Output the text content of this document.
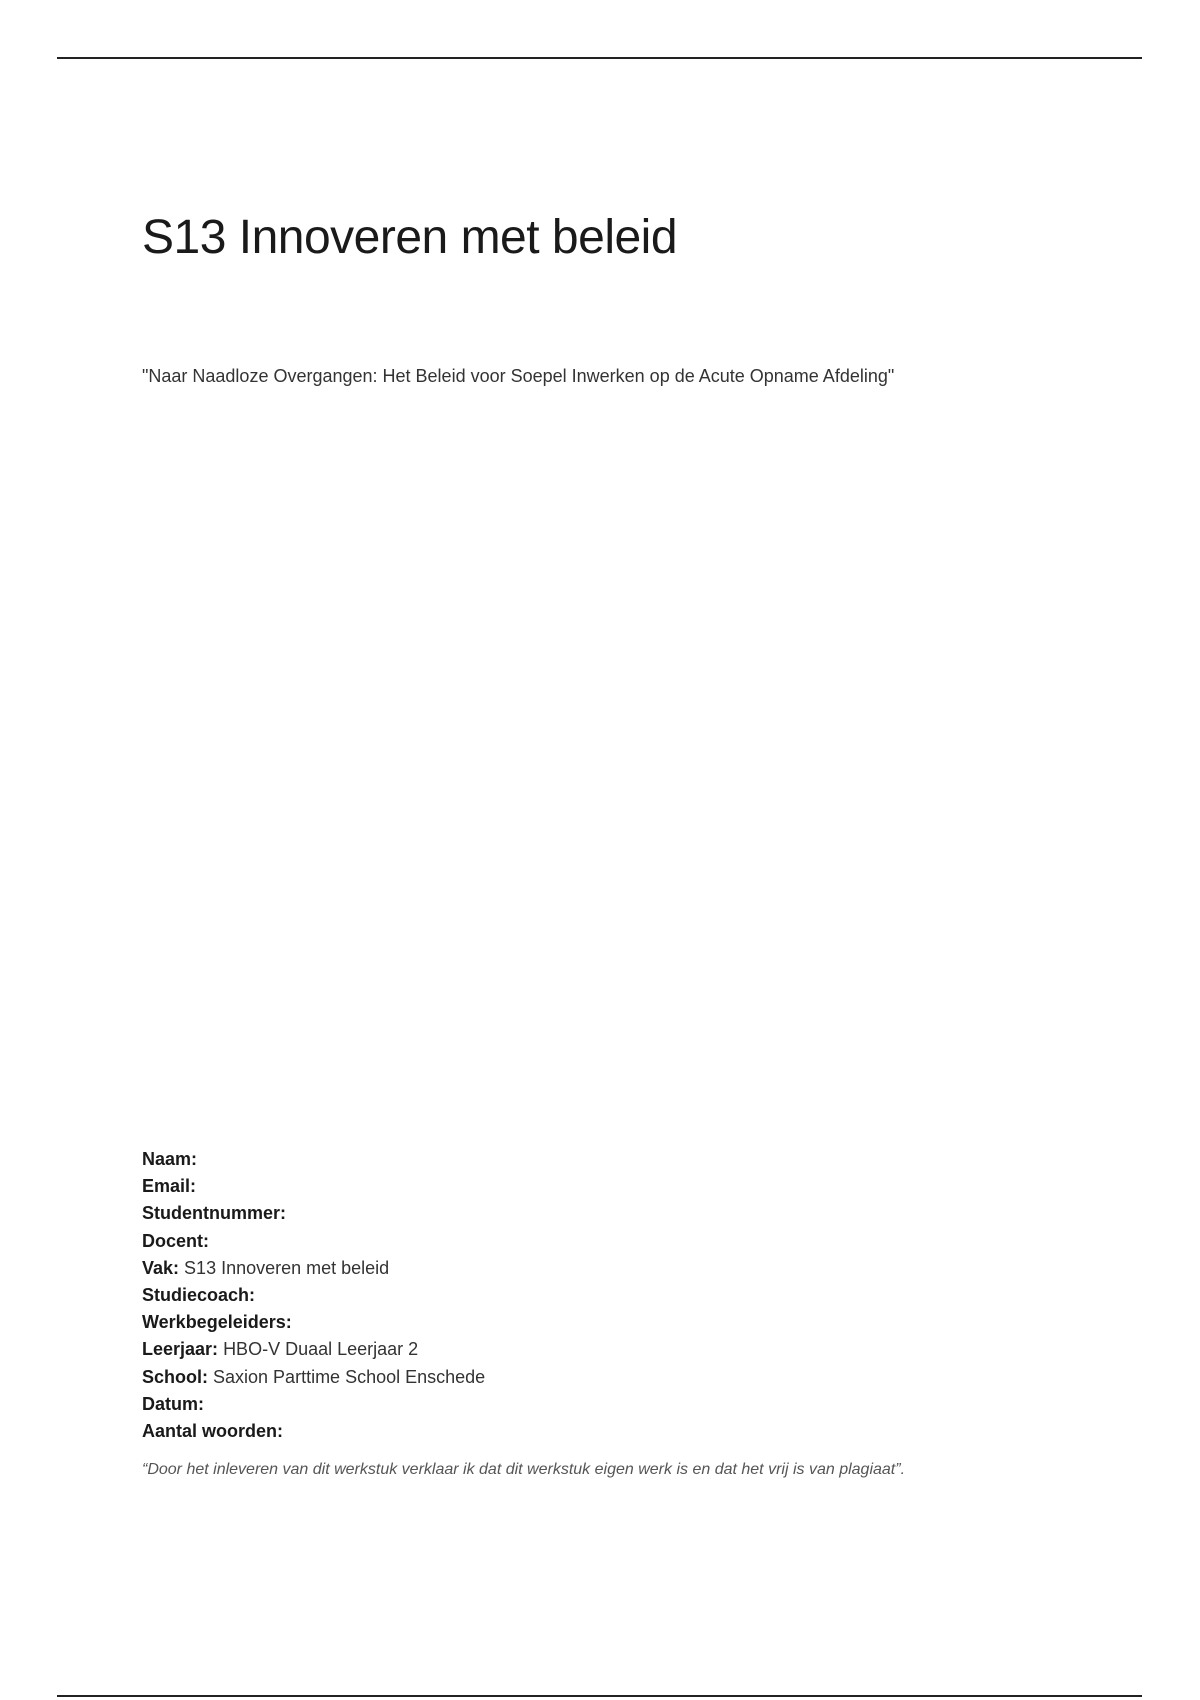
S13 Innoveren met beleid

"Naar Naadloze Overgangen: Het Beleid voor Soepel Inwerken op de Acute Opname Afdeling"

Naam:
Email:
Studentnummer:
Docent:
Vak: S13 Innoveren met beleid
Studiecoach:
Werkbegeleiders:
Leerjaar: HBO-V Duaal Leerjaar 2
School: Saxion Parttime School Enschede
Datum:
Aantal woorden:

“Door het inleveren van dit werkstuk verklaar ik dat dit werkstuk eigen werk is en dat het vrij is van plagiaat”.
